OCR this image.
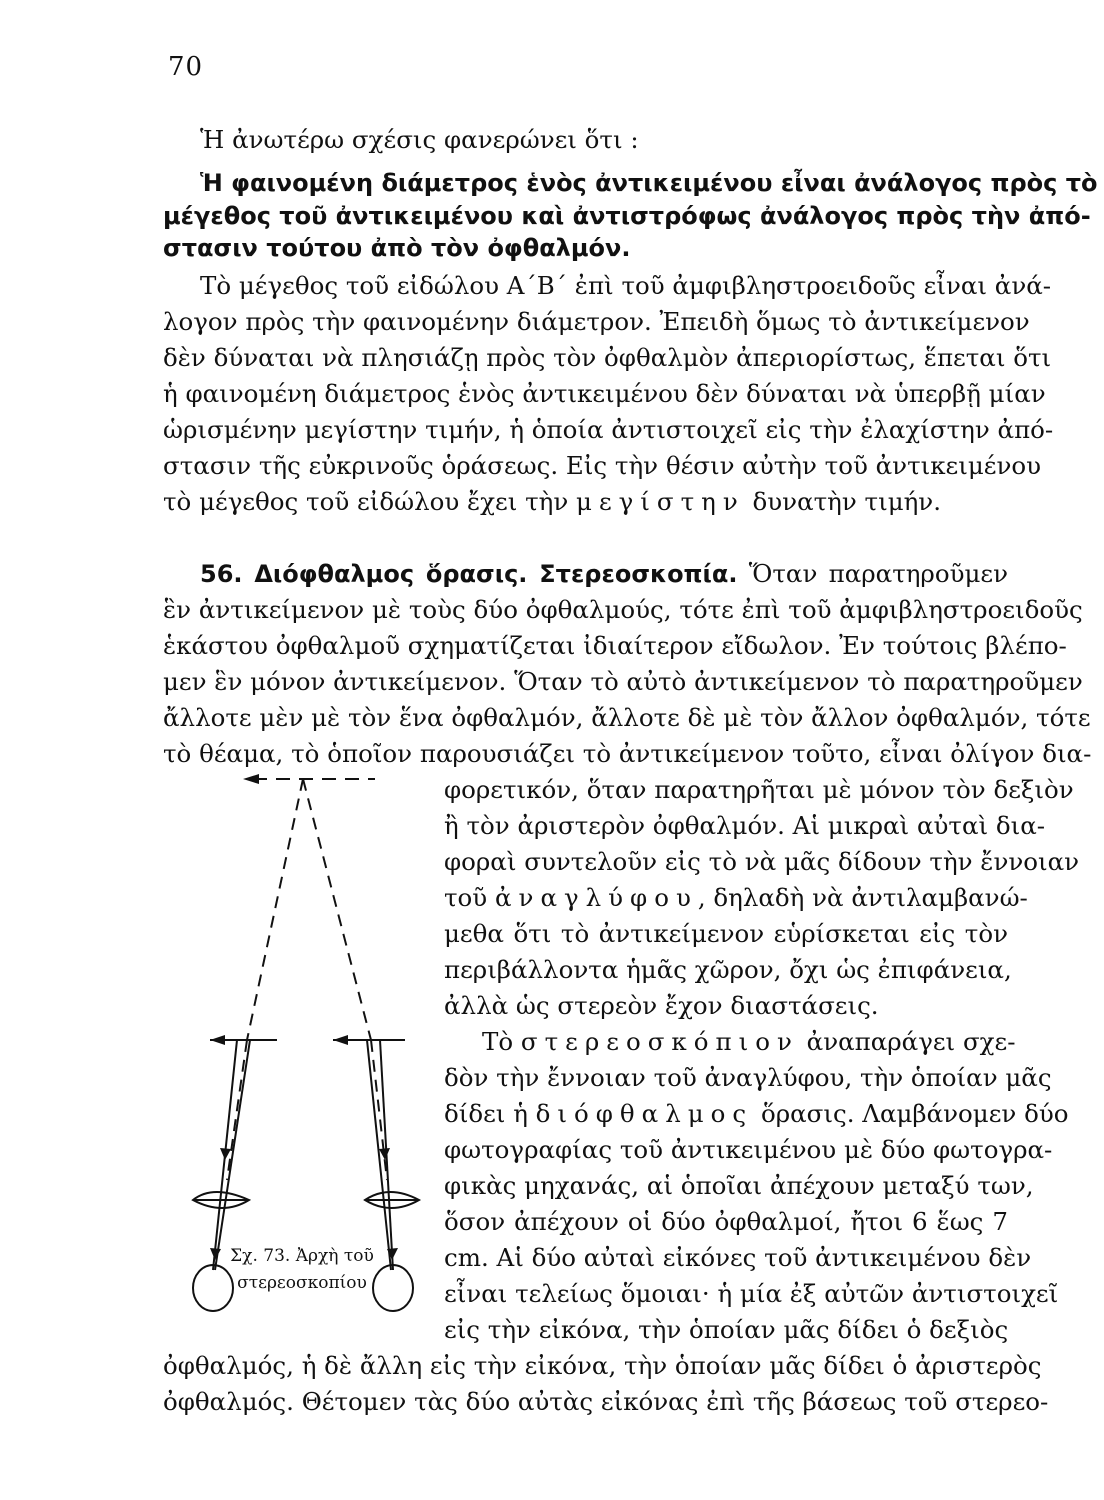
70
Ἡ ἀνωτέρω σχέσις φανερώνει ὅτι :
Ἡ φαινομένη διάμετρος ἑνὸς ἀντικειμένου εἶναι ἀνάλογος πρὸς τὸ
μέγεθος τοῦ ἀντικειμένου καὶ ἀντιστρόφως ἀνάλογος πρὸς τὴν ἀπό-
στασιν τούτου ἀπὸ τὸν ὀφθαλμόν.
Τὸ μέγεθος τοῦ εἰδώλου Α΄Β΄ ἐπὶ τοῦ ἀμφιβληστροειδοῦς εἶναι ἀνά-
λογον πρὸς τὴν φαινομένην διάμετρον. Ἐπειδὴ ὅμως τὸ ἀντικείμενον
δὲν δύναται νὰ πλησιάζῃ πρὸς τὸν ὀφθαλμὸν ἀπεριορίστως, ἕπεται ὅτι
ἡ φαινομένη διάμετρος ἑνὸς ἀντικειμένου δὲν δύναται νὰ ὑπερβῇ μίαν
ὡρισμένην μεγίστην τιμήν, ἡ ὁποία ἀντιστοιχεῖ εἰς τὴν ἐλαχίστην ἀπό-
στασιν τῆς εὐκρινοῦς ὁράσεως. Εἰς τὴν θέσιν αὐτὴν τοῦ ἀντικειμένου
τὸ μέγεθος τοῦ εἰδώλου ἔχει τὴν μεγίστην δυνατὴν τιμήν.
56. Διόφθαλμος ὅρασις. Στερεοσκοπία. Ὅταν παρατηροῦμεν
ἓν ἀντικείμενον μὲ τοὺς δύο ὀφθαλμούς, τότε ἐπὶ τοῦ ἀμφιβληστροειδοῦς
ἑκάστου ὀφθαλμοῦ σχηματίζεται ἰδιαίτερον εἴδωλον. Ἐν τούτοις βλέπο-
μεν ἓν μόνον ἀντικείμενον. Ὅταν τὸ αὐτὸ ἀντικείμενον τὸ παρατηροῦμεν
ἄλλοτε μὲν μὲ τὸν ἕνα ὀφθαλμόν, ἄλλοτε δὲ μὲ τὸν ἄλλον ὀφθαλμόν, τότε
τὸ θέαμα, τὸ ὁποῖον παρουσιάζει τὸ ἀντικείμενον τοῦτο, εἶναι ὀλίγον δια-
φορετικόν, ὅταν παρατηρῆται μὲ μόνον τὸν δεξιὸν
ἢ τὸν ἀριστερὸν ὀφθαλμόν. Αἱ μικραὶ αὐταὶ δια-
φοραὶ συντελοῦν εἰς τὸ νὰ μᾶς δίδουν τὴν ἔννοιαν
τοῦ ἀναγλύφου, δηλαδὴ νὰ ἀντιλαμβανώ-
μεθα ὅτι τὸ ἀντικείμενον εὑρίσκεται εἰς τὸν
περιβάλλοντα ἡμᾶς χῶρον, ὄχι ὡς ἐπιφάνεια,
ἀλλὰ ὡς στερεὸν ἔχον διαστάσεις.
Τὸ στερεοσκόπιον ἀναπαράγει σχε-
δὸν τὴν ἔννοιαν τοῦ ἀναγλύφου, τὴν ὁποίαν μᾶς
δίδει ἡ διόφθαλμος ὅρασις. Λαμβάνομεν δύο
φωτογραφίας τοῦ ἀντικειμένου μὲ δύο φωτογρα-
φικὰς μηχανάς, αἱ ὁποῖαι ἀπέχουν μεταξύ των,
ὅσον ἀπέχουν οἱ δύο ὀφθαλμοί, ἤτοι 6 ἕως 7
cm. Αἱ δύο αὐταὶ εἰκόνες τοῦ ἀντικειμένου δὲν
εἶναι τελείως ὅμοιαι· ἡ μία ἐξ αὐτῶν ἀντιστοιχεῖ
εἰς τὴν εἰκόνα, τὴν ὁποίαν μᾶς δίδει ὁ δεξιὸς
ὀφθαλμός, ἡ δὲ ἄλλη εἰς τὴν εἰκόνα, τὴν ὁποίαν μᾶς δίδει ὁ ἀριστερὸς
ὀφθαλμός. Θέτομεν τὰς δύο αὐτὰς εἰκόνας ἐπὶ τῆς βάσεως τοῦ στερεο-
Σχ. 73. Ἀρχὴ τοῦ
στερεοσκοπίου
